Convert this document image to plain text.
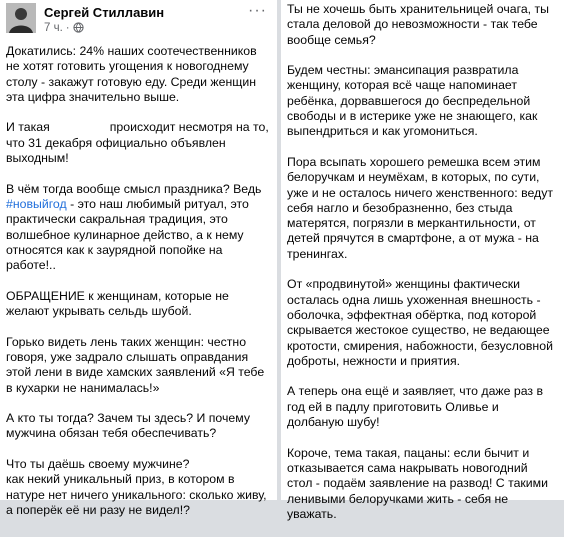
Сергей Стиллавин
7 ч. ·
···

Докатились: 24% наших соотечественников не хотят готовить угощения к новогоднему столу - закажут готовую еду. Среди женщин эта цифра значительно выше.

И такая	происходит несмотря на то, что 31 декабря официально объявлен выходным!

В чём тогда вообще смысл праздника? Ведь #новыйгод - это наш любимый ритуал, это практически сакральная традиция, это волшебное кулинарное действо, а к нему относятся как к заурядной попойке на работе!..

ОБРАЩЕНИЕ к женщинам, которые не желают укрывать сельдь шубой.

Горько видеть лень таких женщин: честно говоря, уже задрало слышать оправдания этой лени в виде хамских заявлений «Я тебе в кухарки не нанималась!»

А кто ты тогда? Зачем ты здесь? И почему мужчина обязан тебя обеспечивать?

Что ты даёшь своему мужчине?как некий уникальный приз, в котором в натуре нет ничего уникального: сколько живу, а поперёк её ни разу не видел!?

Ты не хочешь быть хранительницей очага, ты стала деловой до невозможности - так тебе вообще семья?

Будем честны: эмансипация развратила женщину, которая всё чаще напоминает ребёнка, дорвавшегося до беспредельной свободы и в истерике уже не знающего, как выпендриться и как угомониться.

Пора всыпать хорошего ремешка всем этим белоручкам и неумёхам, в которых, по сути, уже и не осталось ничего женственного: ведут себя нагло и безобразненно, без стыда матерятся, погрязли в меркантильности, от детей прячутся в смартфоне, а от мужа - на тренингах.

От «продвинутой» женщины фактически осталась одна лишь ухоженная внешность - оболочка, эффектная обёртка, под которой скрывается жестокое существо, не ведающее кротости, смирения, набожности, безусловной доброты, нежности и приятия.

А теперь она ещё и заявляет, что даже раз в год ей в падлу приготовить Оливье и долбаную шубу!

Короче, тема такая, пацаны: если бычит и отказывается сама накрывать новогодний стол - подаём заявление на развод! С такими ленивыми белоручками жить - себя не уважать.
